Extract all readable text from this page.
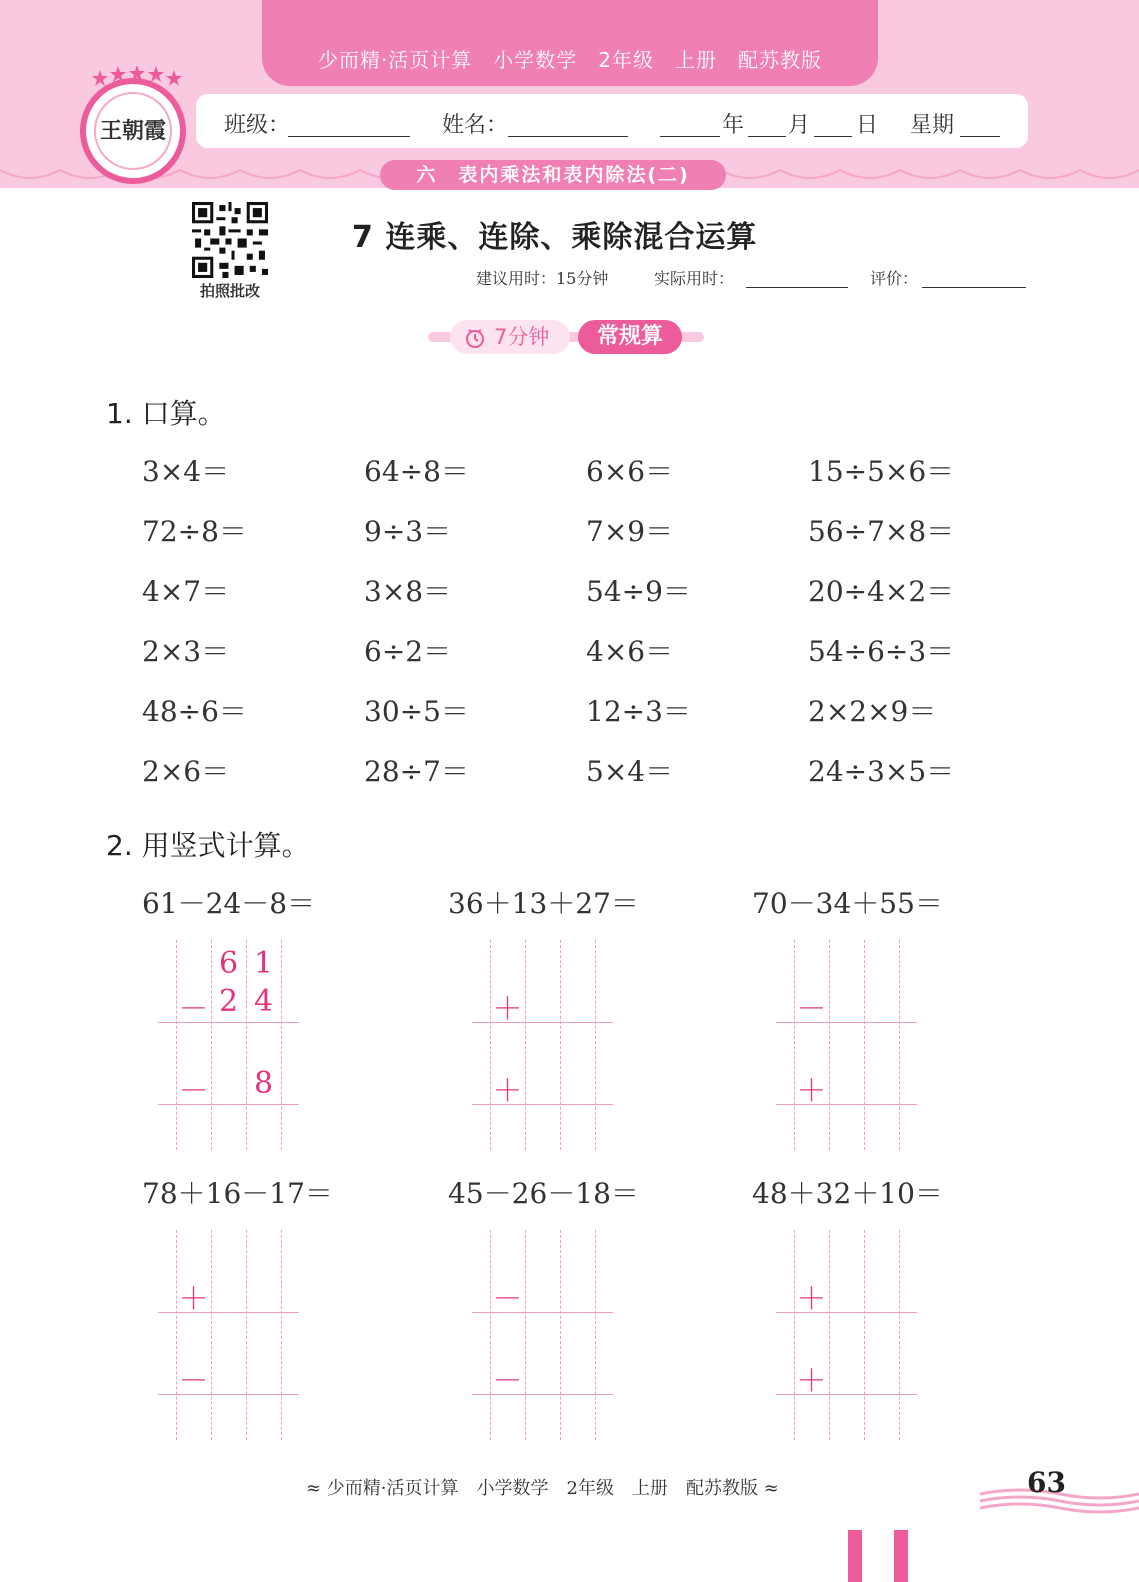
少而精·活页计算　小学数学　2年级　上册　配苏教版
王朝霞	班级：	姓名：	年 月 日 星期
六　表内乘法和表内除法(二)
拍照批改
7 连乘、连除、乘除混合运算
建议用时：15分钟	实际用时：	评价：
7分钟	常规算
1. 口算。
3×4＝	64÷8＝	6×6＝	15÷5×6＝
72÷8＝	9÷3＝	7×9＝	56÷7×8＝
4×7＝	3×8＝	54÷9＝	20÷4×2＝
2×3＝	6÷2＝	4×6＝	54÷6÷3＝
48÷6＝	30÷5＝	12÷3＝	2×2×9＝
2×6＝	28÷7＝	5×4＝	24÷3×5＝
2. 用竖式计算。
61－24－8＝
6
2
1
4
8
－
－
36＋13＋27＝
＋
＋
70－34＋55＝
－
＋
78＋16－17＝
＋
－
45－26－18＝
－
－
48＋32＋10＝
＋
＋
≈ 少而精·活页计算　小学数学　2年级　上册　配苏教版 ≈	63
